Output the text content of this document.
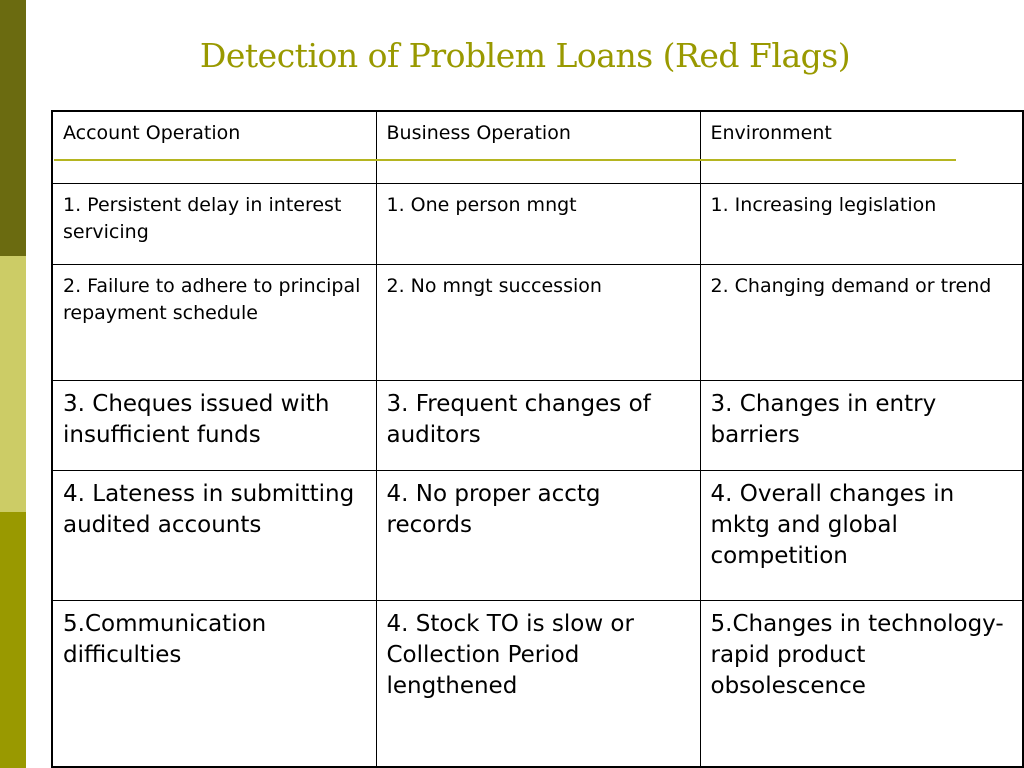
Detection of Problem Loans (Red Flags)
Account Operation	Business Operation	Environment

1. Persistent delay in interest servicing	1. One person mngt	1. Increasing legislation
2. Failure to adhere to principal repayment schedule	2. No mngt succession	2. Changing demand or trend
3. Cheques issued with insufficient funds	3. Frequent changes of auditors	3. Changes in entry barriers
4. Lateness in submitting audited accounts	4. No proper acctg records	4. Overall changes in mktg and global competition
5.Communication difficulties	4. Stock TO is slow or Collection Period lengthened	5.Changes in technology-rapid product obsolescence
